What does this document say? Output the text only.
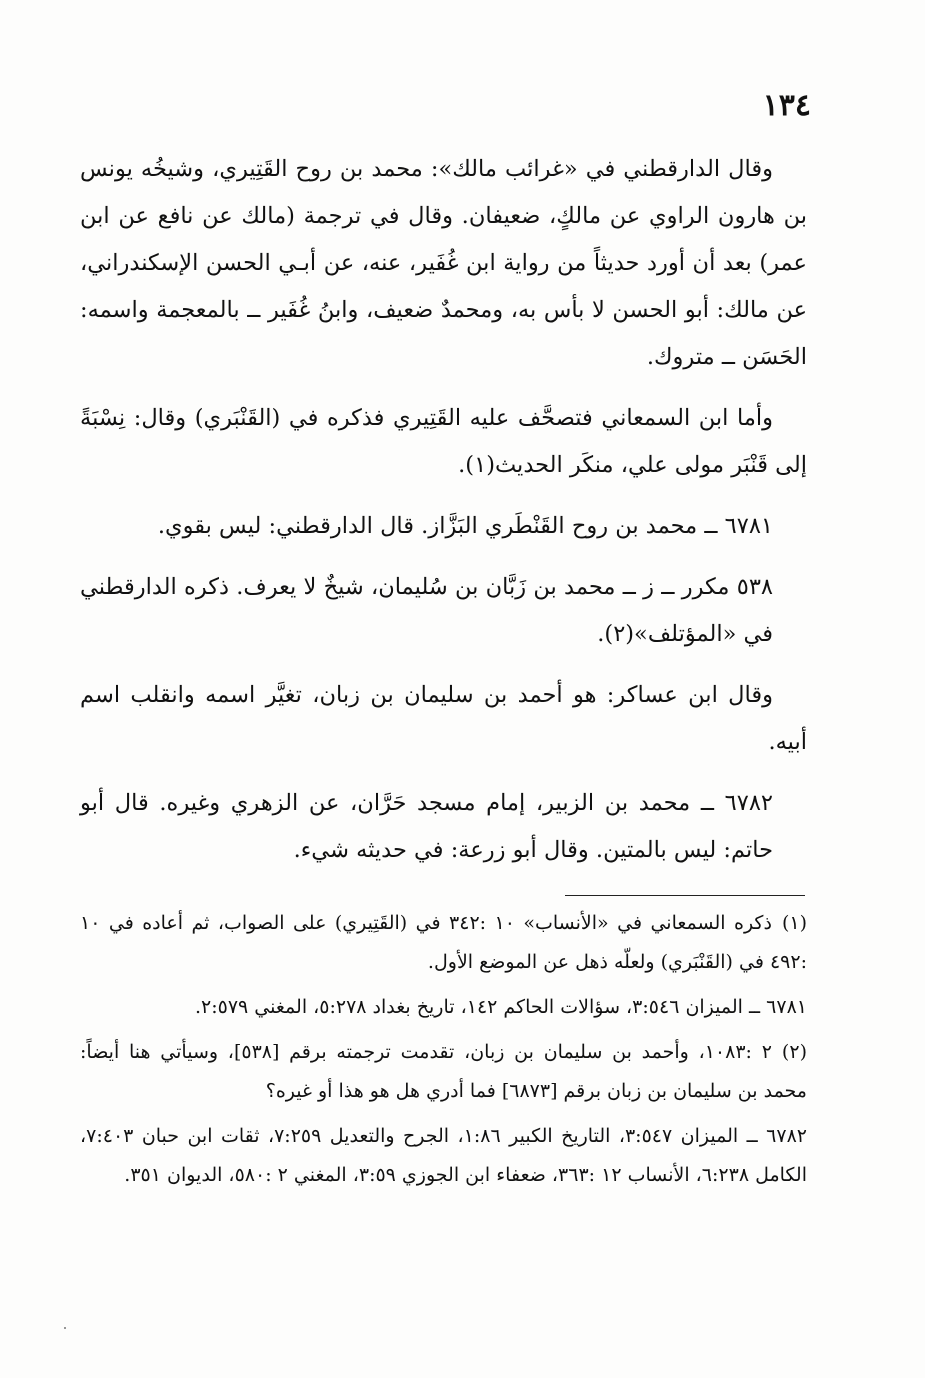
١٣٤

وقال الدارقطني في «غرائب مالك»: محمد بن روح القَتِيري، وشيخُه يونس بن هارون الراوي عن مالكٍ، ضعيفان. وقال في ترجمة (مالك عن نافع عن ابن عمر) بعد أن أورد حديثاً من رواية ابن غُفَير، عنه، عن أبـي الحسن الإسكندراني، عن مالك: أبو الحسن لا بأس به، ومحمدٌ ضعيف، وابنُ غُفَير ــ بالمعجمة واسمه: الحَسَن ــ متروك.

وأما ابن السمعاني فتصحَّف عليه القَتِيري فذكره في (القَنْبَري) وقال: نِسْبَةً إلى قَنْبَر مولى علي، منكَر الحديث(١).

٦٧٨١ ــ محمد بن روح القَنْطَري البَزَّاز. قال الدارقطني: ليس بقوي.

٥٣٨ مكرر ــ ز ــ محمد بن زَبَّان بن سُليمان، شيخٌ لا يعرف. ذكره الدارقطني في «المؤتلف»(٢).

وقال ابن عساكر: هو أحمد بن سليمان بن زبان، تغيَّر اسمه وانقلب اسم أبيه.

٦٧٨٢ ــ محمد بن الزبير، إمام مسجد حَرَّان، عن الزهري وغيره. قال أبو حاتم: ليس بالمتين. وقال أبو زرعة: في حديثه شيء.

(١)ذكره السمعاني في «الأنساب» ١٠ :٣٤٢ في (القَتِيري) على الصواب، ثم أعاده في ١٠ :٤٩٢ في (القَنْبَري) ولعلّه ذهل عن الموضع الأول.

٦٧٨١ ــ الميزان ٣:٥٤٦، سؤالات الحاكم ١٤٢، تاريخ بغداد ٥:٢٧٨، المغني ٢:٥٧٩.

(٢)٢ :١٠٨٣، وأحمد بن سليمان بن زبان، تقدمت ترجمته برقم [٥٣٨]، وسيأتي هنا أيضاً: محمد بن سليمان بن زبان برقم [٦٨٧٣] فما أدري هل هو هذا أو غيره؟

٦٧٨٢ ــ الميزان ٣:٥٤٧، التاريخ الكبير ١:٨٦، الجرح والتعديل ٧:٢٥٩، ثقات ابن حبان ٧:٤٠٣، الكامل ٦:٢٣٨، الأنساب ١٢ :٣٦٣، ضعفاء ابن الجوزي ٣:٥٩، المغني ٢ :٥٨٠، الديوان ٣٥١.
